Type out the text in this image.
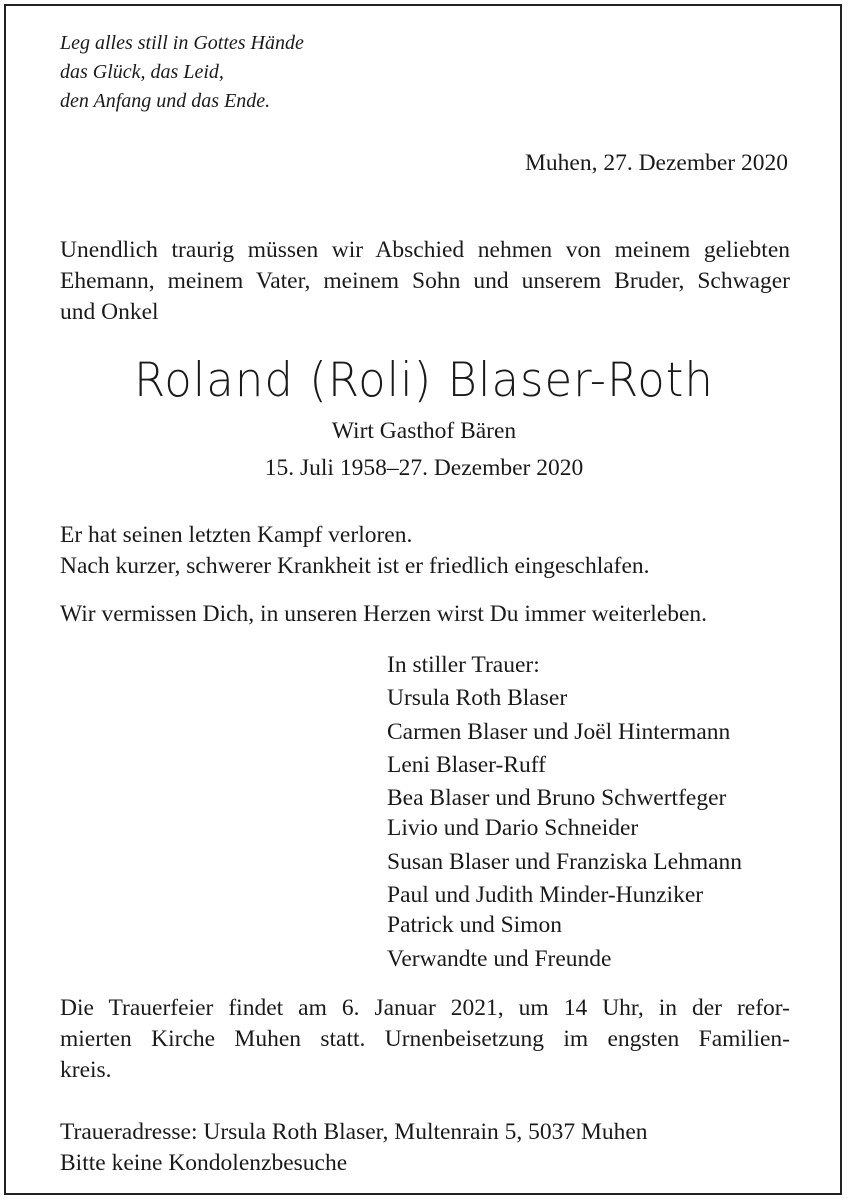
Leg alles still in Gottes Hände
das Glück, das Leid,
den Anfang und das Ende.
Muhen, 27. Dezember 2020
Unendlich traurig müssen wir Abschied nehmen von meinem geliebten
Ehemann, meinem Vater, meinem Sohn und unserem Bruder, Schwager
und Onkel
Roland (Roli) Blaser-Roth
Wirt Gasthof Bären
15. Juli 1958–27. Dezember 2020
Er hat seinen letzten Kampf verloren.
Nach kurzer, schwerer Krankheit ist er friedlich eingeschlafen.
Wir vermissen Dich, in unseren Herzen wirst Du immer weiterleben.
In stiller Trauer:
Ursula Roth Blaser
Carmen Blaser und Joël Hintermann
Leni Blaser-Ruff
Bea Blaser und Bruno Schwertfeger
Livio und Dario Schneider
Susan Blaser und Franziska Lehmann
Paul und Judith Minder-Hunziker
Patrick und Simon
Verwandte und Freunde
Die Trauerfeier findet am 6. Januar 2021, um 14 Uhr, in der refor-
mierten Kirche Muhen statt. Urnenbeisetzung im engsten Familien-
kreis.
Traueradresse: Ursula Roth Blaser, Multenrain 5, 5037 Muhen
Bitte keine Kondolenzbesuche
